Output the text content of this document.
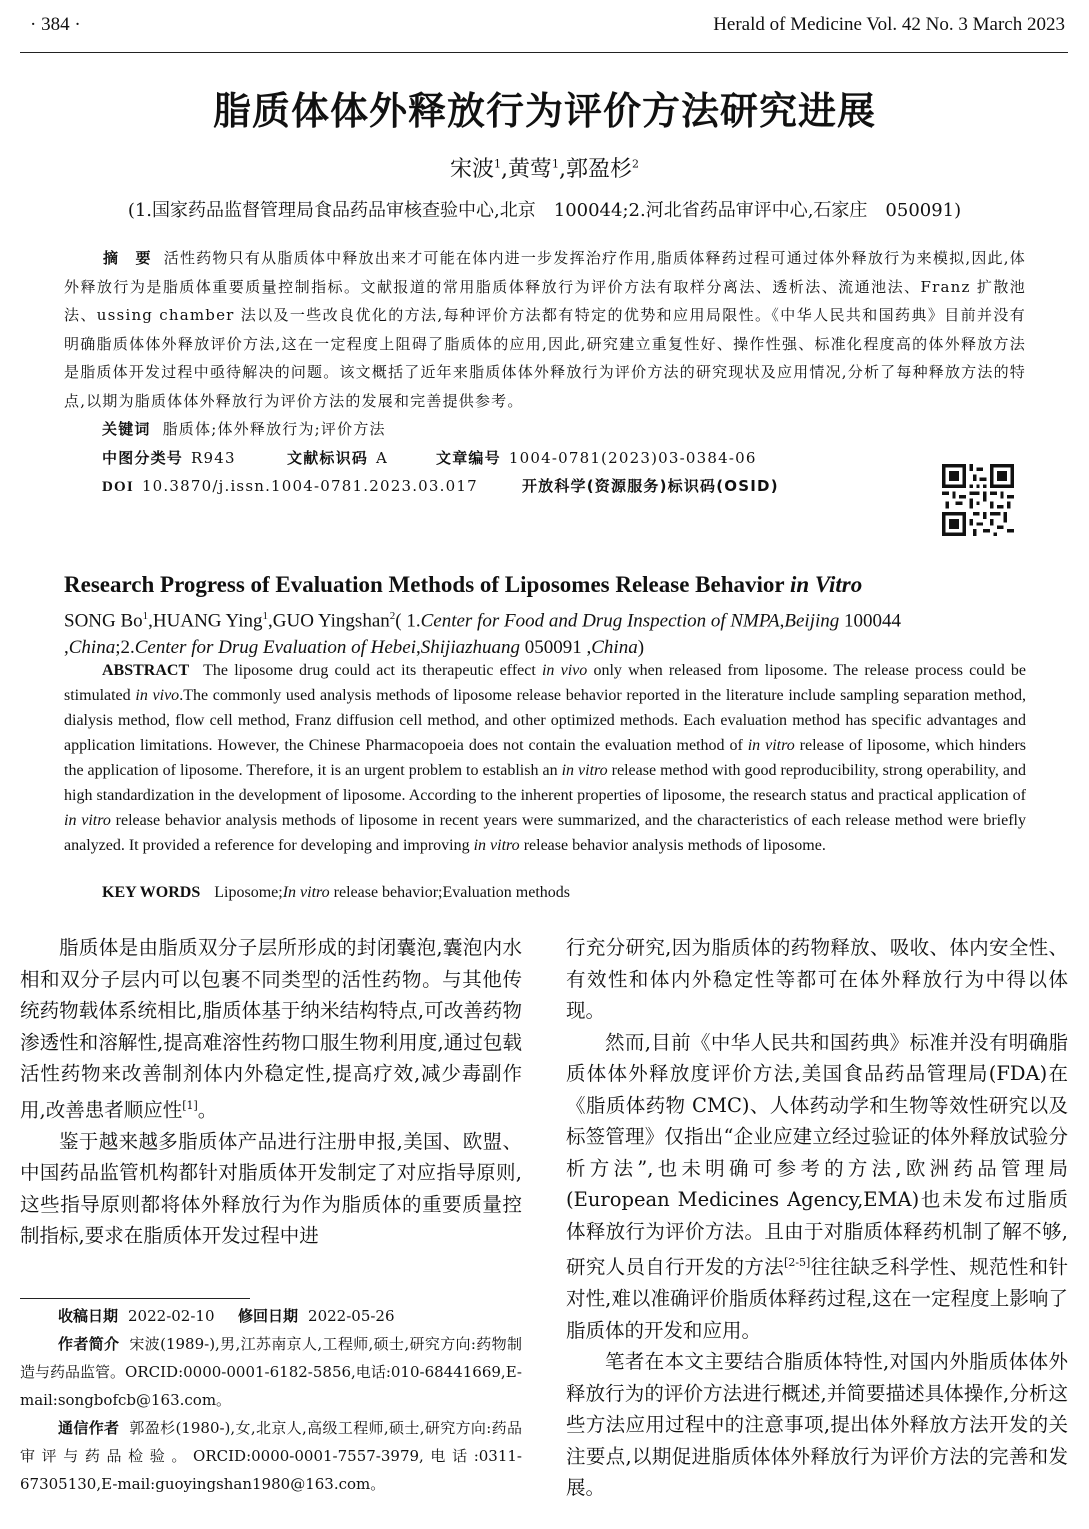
· 384 ·	Herald of Medicine Vol. 42 No. 3 March 2023
脂质体体外释放行为评价方法研究进展
宋波$^1$,黄莺$^1$,郭盈杉$^2$
(1.国家药品监督管理局食品药品审核查验中心,北京　100044;2.河北省药品审评中心,石家庄　050091)
摘　要 活性药物只有从脂质体中释放出来才可能在体内进一步发挥治疗作用,脂质体释药过程可通过体外释放行为来模拟,因此,体外释放行为是脂质体重要质量控制指标。文献报道的常用脂质体释放行为评价方法有取样分离法、透析法、流通池法、Franz 扩散池法、ussing chamber 法以及一些改良优化的方法,每种评价方法都有特定的优势和应用局限性。《中华人民共和国药典》目前并没有明确脂质体体外释放评价方法,这在一定程度上阻碍了脂质体的应用,因此,研究建立重复性好、操作性强、标准化程度高的体外释放方法是脂质体开发过程中亟待解决的问题。该文概括了近年来脂质体体外释放行为评价方法的研究现状及应用情况,分析了每种释放方法的特点,以期为脂质体体外释放行为评价方法的发展和完善提供参考。
关键词 脂质体;体外释放行为;评价方法
中图分类号 R943	文献标识码 A	文章编号 1004-0781(2023)03-0384-06
DOI 10.3870/j.issn.1004-0781.2023.03.017	开放科学(资源服务)标识码(OSID)
Research Progress of Evaluation Methods of Liposomes Release Behavior in Vitro
SONG Bo$^1$,HUANG Ying$^1$,GUO Yingshan$^2$( 1.Center for Food and Drug Inspection of NMPA,Beijing 100044 ,China;2.Center for Drug Evaluation of Hebei,Shijiazhuang 050091 ,China)
ABSTRACT The liposome drug could act its therapeutic effect in vivo only when released from liposome. The release process could be stimulated in vivo.The commonly used analysis methods of liposome release behavior reported in the literature include sampling separation method, dialysis method, flow cell method, Franz diffusion cell method, and other optimized methods. Each evaluation method has specific advantages and application limitations. However, the Chinese Pharmacopoeia does not contain the evaluation method of in vitro release of liposome, which hinders the application of liposome. Therefore, it is an urgent problem to establish an in vitro release method with good reproducibility, strong operability, and high standardization in the development of liposome. According to the inherent properties of liposome, the research status and practical application of in vitro release behavior analysis methods of liposome in recent years were summarized, and the characteristics of each release method were briefly analyzed. It provided a reference for developing and improving in vitro release behavior analysis methods of liposome.
KEY WORDS Liposome;In vitro release behavior;Evaluation methods

脂质体是由脂质双分子层所形成的封闭囊泡,囊泡内水相和双分子层内可以包裹不同类型的活性药物。与其他传统药物载体系统相比,脂质体基于纳米结构特点,可改善药物渗透性和溶解性,提高难溶性药物口服生物利用度,通过包载活性药物来改善制剂体内外稳定性,提高疗效,减少毒副作用,改善患者顺应性[1]。

鉴于越来越多脂质体产品进行注册申报,美国、欧盟、中国药品监管机构都针对脂质体开发制定了对应指导原则,这些指导原则都将体外释放行为作为脂质体的重要质量控制指标,要求在脂质体开发过程中进

行充分研究,因为脂质体的药物释放、吸收、体内安全性、有效性和体内外稳定性等都可在体外释放行为中得以体现。

然而,目前《中华人民共和国药典》标准并没有明确脂质体体外释放度评价方法,美国食品药品管理局(FDA)在《脂质体药物 CMC)、人体药动学和生物等效性研究以及标签管理》仅指出“企业应建立经过验证的体外释放试验分析方法”,也未明确可参考的方法,欧洲药品管理局(European Medicines Agency,EMA)也未发布过脂质体释放行为评价方法。且由于对脂质体释药机制了解不够,研究人员自行开发的方法[2-5]往往缺乏科学性、规范性和针对性,难以准确评价脂质体释药过程,这在一定程度上影响了脂质体的开发和应用。

笔者在本文主要结合脂质体特性,对国内外脂质体体外释放行为的评价方法进行概述,并简要描述具体操作,分析这些方法应用过程中的注意事项,提出体外释放方法开发的关注要点,以期促进脂质体体外释放行为评价方法的完善和发展。

收稿日期 2022-02-10 修回日期 2022-05-26

作者简介 宋波(1989-),男,江苏南京人,工程师,硕士,研究方向:药物制造与药品监管。ORCID:0000-0001-6182-5856,电话:010-68441669,E-mail:songbofcb@163.com。

通信作者 郭盈杉(1980-),女,北京人,高级工程师,硕士,研究方向:药品审评与药品检验。ORCID:0000-0001-7557-3979,电话:0311-67305130,E-mail:guoyingshan1980@163.com。
